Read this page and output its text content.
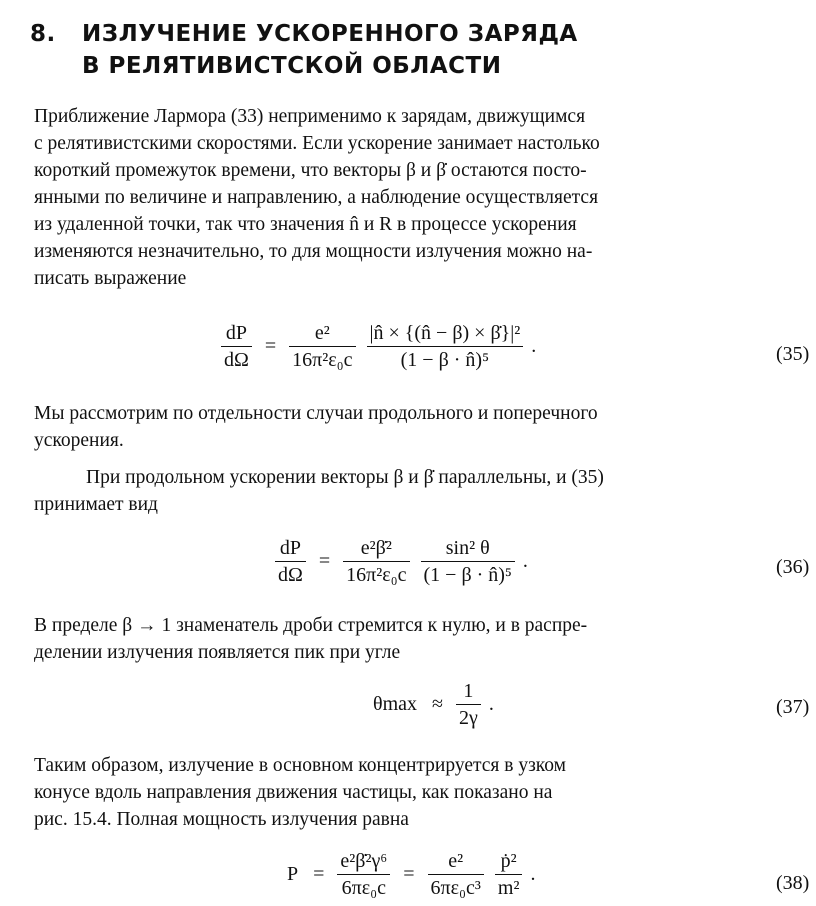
8. ИЗЛУЧЕНИЕ УСКОРЕННОГО ЗАРЯДА
В РЕЛЯТИВИСТСКОЙ ОБЛАСТИ
Приближение Лармора (33) неприменимо к зарядам, движущимся
с релятивистскими скоростями. Если ускорение занимает настолько
короткий промежуток времени, что векторы β и β̇ остаются посто-
янными по величине и направлению, а наблюдение осуществляется
из удаленной точки, так что значения n̂ и R в процессе ускорения
изменяются незначительно, то для мощности излучения можно на-
писать выражение
$\frac{dP}{d\Omega} = \frac{\text{e²}}{\text{16π²ε₀c}}$
$\frac{\text{|n̂ × \{(n̂ − β) × β̇\}|²}}{\text{(1 − β · n̂)⁵}}$ .	(35)
Мы рассмотрим по отдельности случаи продольного и поперечного
ускорения.
При продольном ускорении векторы β и β̇ параллельны, и (35)
принимает вид
$\frac{dP}{d\Omega} = \frac{\text{e²β̇²}}{\text{16π²ε₀c}}$
$\frac{\text{sin² θ}}{\text{(1 − β · n̂)⁵}}$ .	(36)
В пределе β → 1 знаменатель дроби стремится к нулю, и в распре-
делении излучения появляется пик при угле
$\theta\max \approx \frac{1}{2\gamma}$ .	(37)
Таким образом, излучение в основном концентрируется в узком
конусе вдоль направления движения частицы, как показано на
рис. 15.4. Полная мощность излучения равна
$P = \frac{\text{e²β̇²γ⁶}}{\text{6πε₀c}} = \frac{\text{e²}}{\text{6πε₀c³}}$
$\frac{\text{ṗ²}}{\text{m²}}$ .	(38)
